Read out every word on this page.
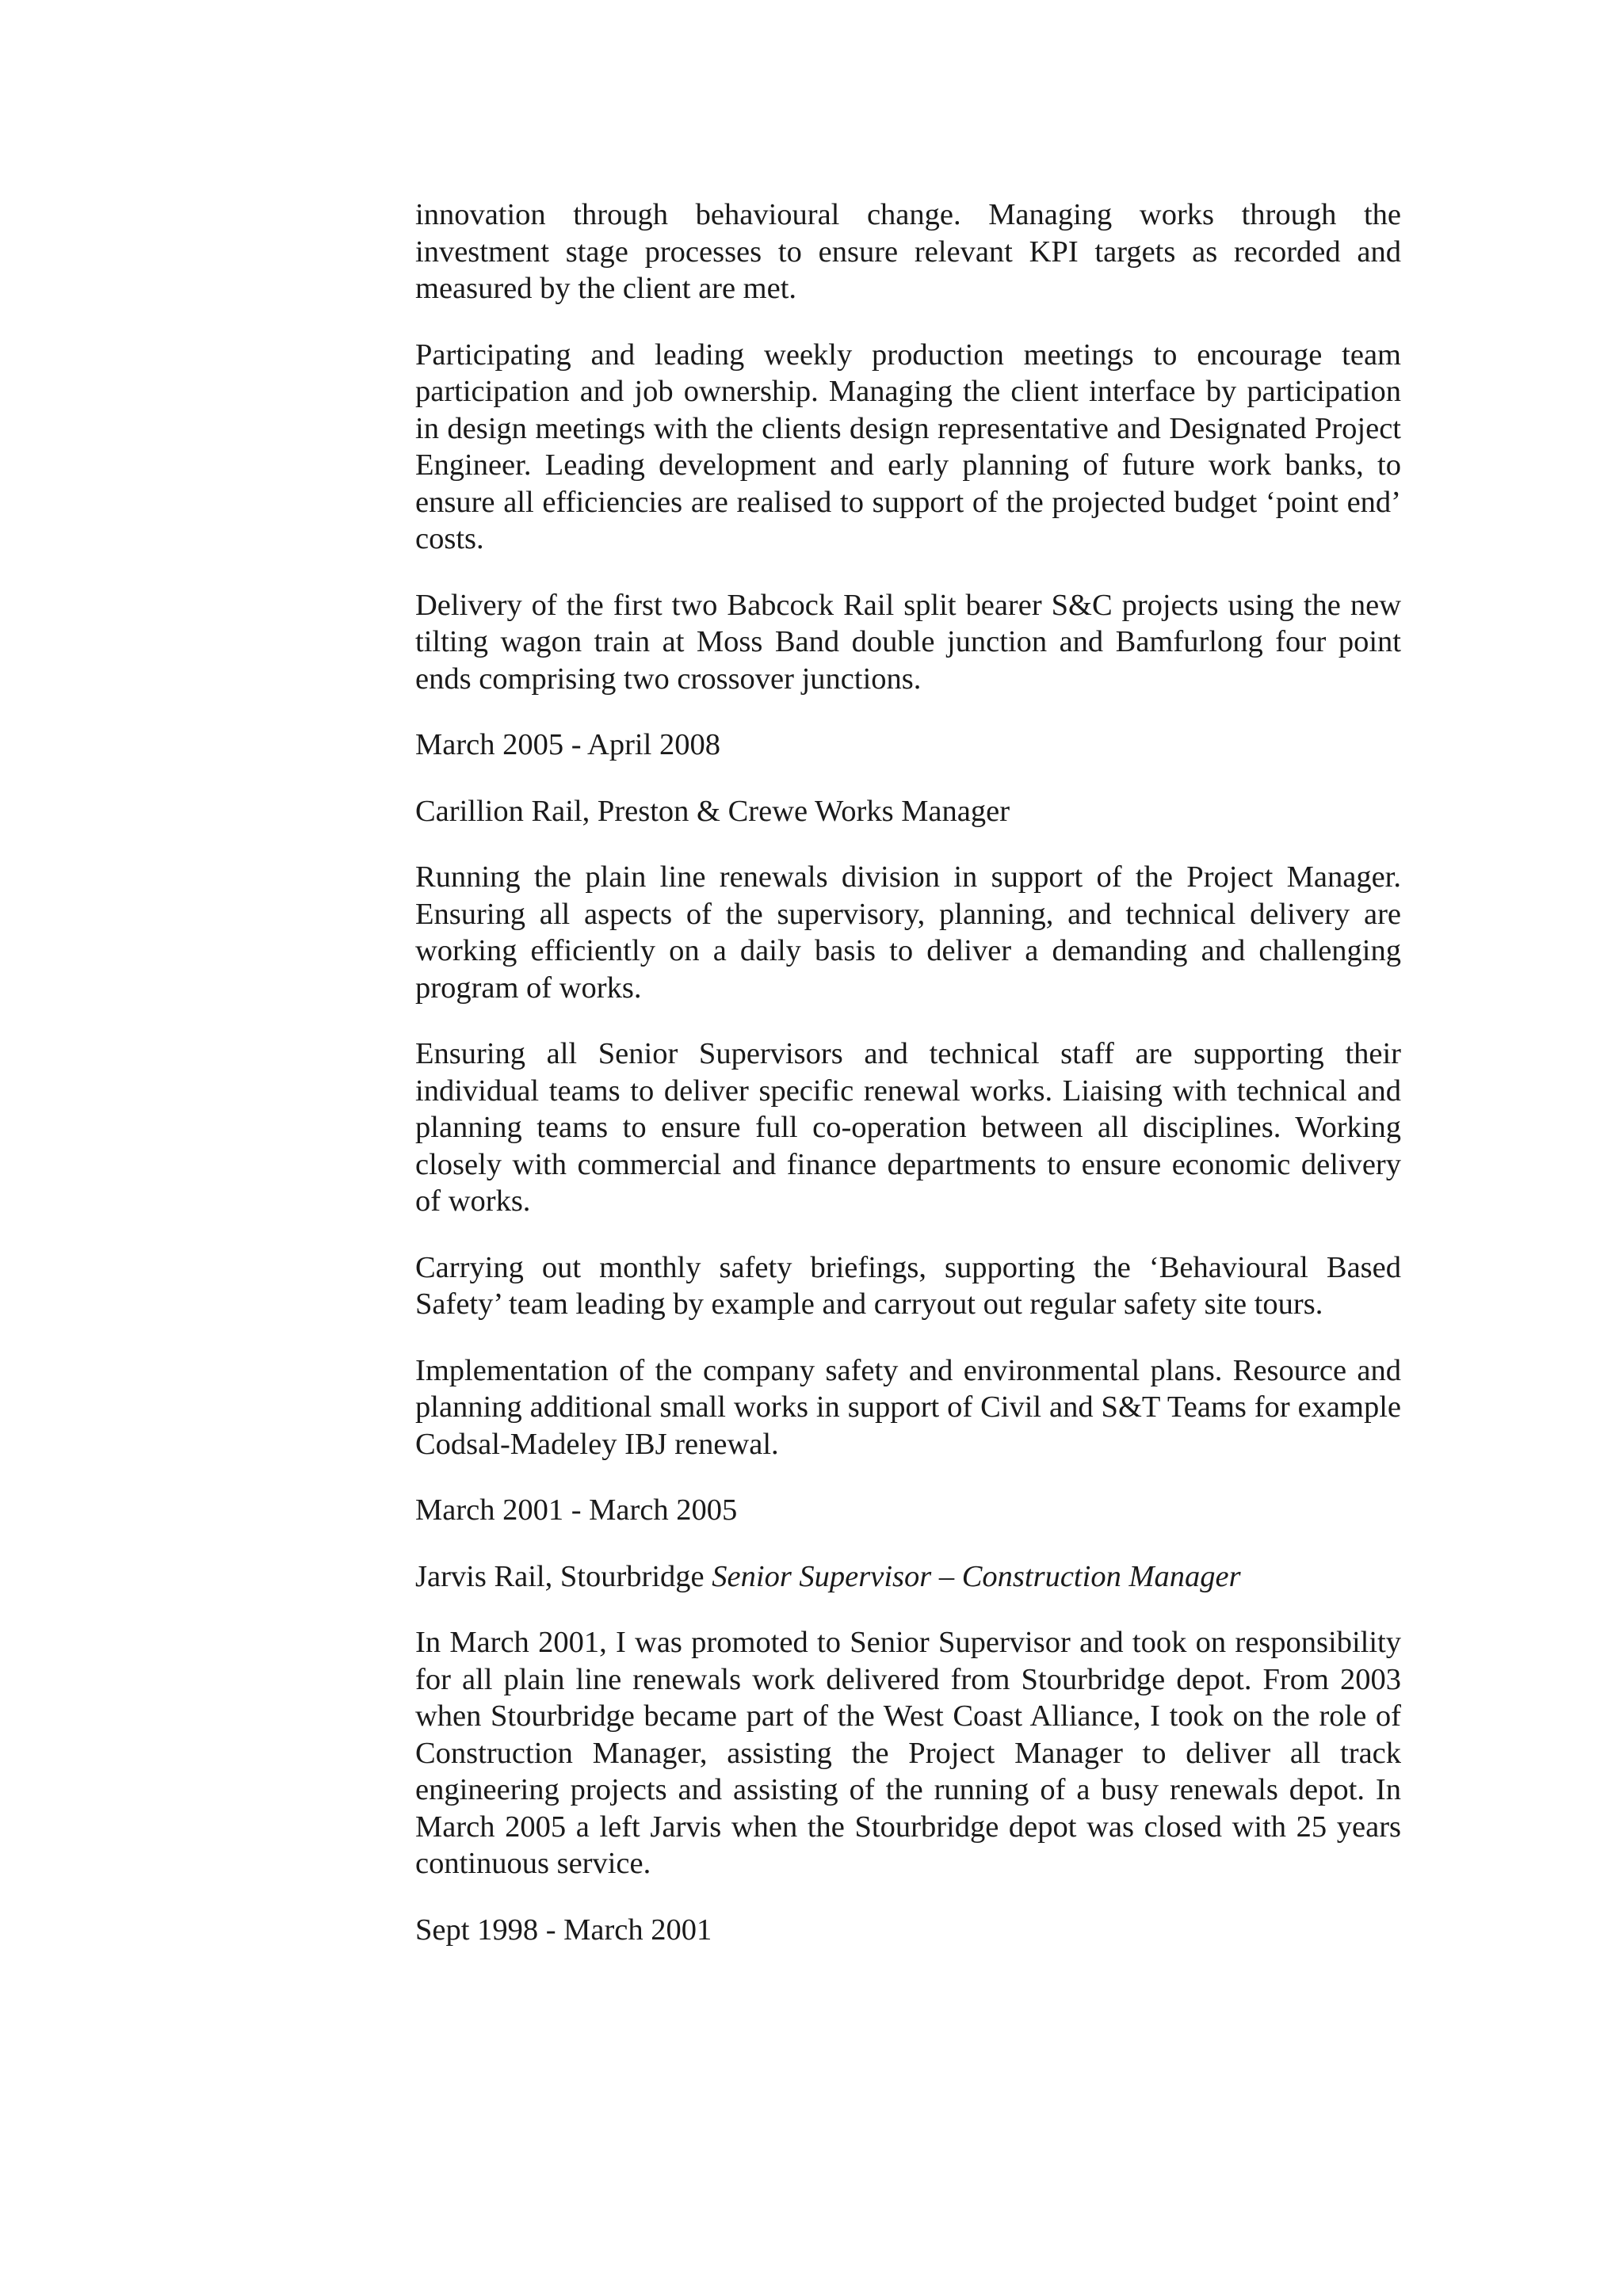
innovation through behavioural change. Managing works through the investment stage processes to ensure relevant KPI targets as recorded and measured by the client are met.

Participating and leading weekly production meetings to encourage team participation and job ownership. Managing the client interface by participation in design meetings with the clients design representative and Designated Project Engineer. Leading development and early planning of future work banks, to ensure all efficiencies are realised to support of the projected budget ‘point end’ costs.

Delivery of the first two Babcock Rail split bearer S&C projects using the new tilting wagon train at Moss Band double junction and Bamfurlong four point ends comprising two crossover junctions.

March 2005 - April 2008

Carillion Rail, Preston & Crewe Works Manager

Running the plain line renewals division in support of the Project Manager. Ensuring all aspects of the supervisory, planning, and technical delivery are working efficiently on a daily basis to deliver a demanding and challenging program of works.

Ensuring all Senior Supervisors and technical staff are supporting their individual teams to deliver specific renewal works. Liaising with technical and planning teams to ensure full co-operation between all disciplines. Working closely with commercial and finance departments to ensure economic delivery of works.

Carrying out monthly safety briefings, supporting the ‘Behavioural Based Safety’ team leading by example and carryout out regular safety site tours.

Implementation of the company safety and environmental plans. Resource and planning additional small works in support of Civil and S&T Teams for example Codsal-Madeley IBJ renewal.

March 2001 - March 2005

Jarvis Rail, Stourbridge Senior Supervisor – Construction Manager

In March 2001, I was promoted to Senior Supervisor and took on responsibility for all plain line renewals work delivered from Stourbridge depot. From 2003 when Stourbridge became part of the West Coast Alliance, I took on the role of Construction Manager, assisting the Project Manager to deliver all track engineering projects and assisting of the running of a busy renewals depot. In March 2005 a left Jarvis when the Stourbridge depot was closed with 25 years continuous service.

Sept 1998 - March 2001
